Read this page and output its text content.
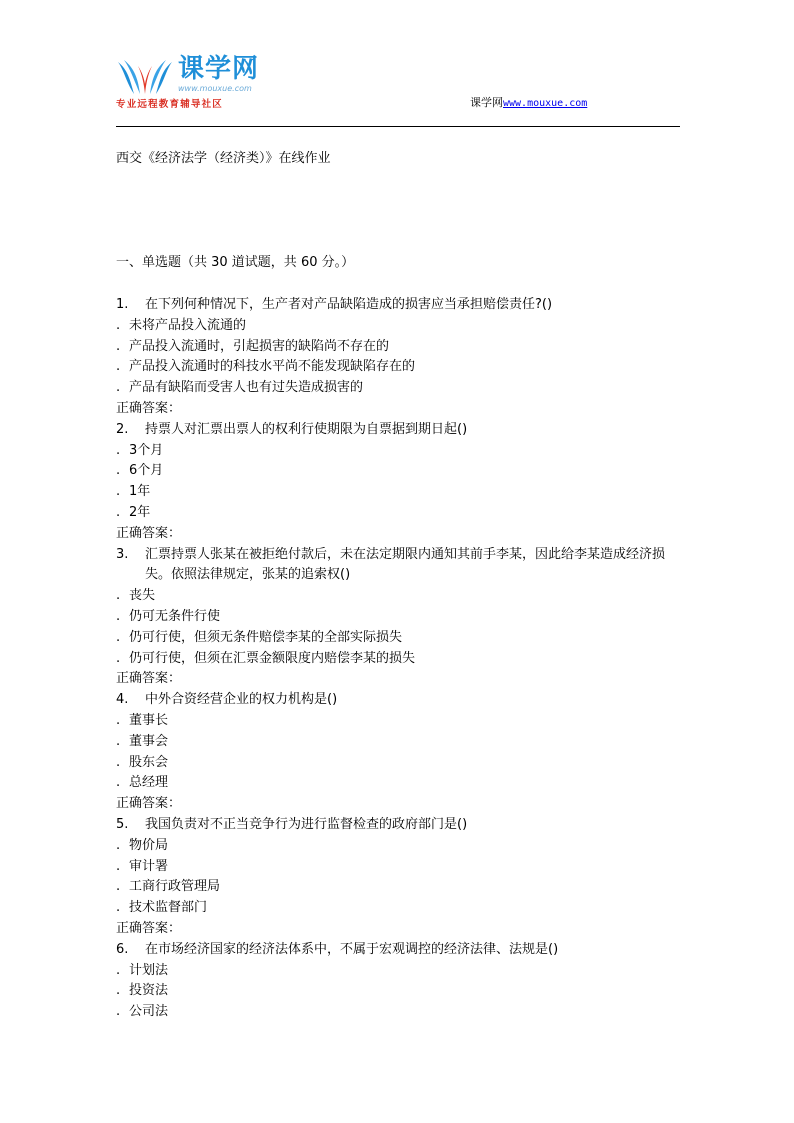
课学网
www.mouxue.com
专业远程教育辅导社区	课学网www.mouxue.com
西交《经济法学（经济类）》在线作业
一、单选题（共 30 道试题，共 60 分。）
1.	在下列何种情况下，生产者对产品缺陷造成的损害应当承担赔偿责任?()
. 未将产品投入流通的
. 产品投入流通时，引起损害的缺陷尚不存在的
. 产品投入流通时的科技水平尚不能发现缺陷存在的
. 产品有缺陷而受害人也有过失造成损害的
正确答案：
2.	持票人对汇票出票人的权利行使期限为自票据到期日起()
. 3个月
. 6个月
. 1年
. 2年
正确答案：
3.	汇票持票人张某在被拒绝付款后，未在法定期限内通知其前手李某，因此给李某造成经济损失。依照法律规定，张某的追索权()
. 丧失
. 仍可无条件行使
. 仍可行使，但须无条件赔偿李某的全部实际损失
. 仍可行使，但须在汇票金额限度内赔偿李某的损失
正确答案：
4.	中外合资经营企业的权力机构是()
. 董事长
. 董事会
. 股东会
. 总经理
正确答案：
5.	我国负责对不正当竞争行为进行监督检查的政府部门是()
. 物价局
. 审计署
. 工商行政管理局
. 技术监督部门
正确答案：
6.	在市场经济国家的经济法体系中，不属于宏观调控的经济法律、法规是()
. 计划法
. 投资法
. 公司法
